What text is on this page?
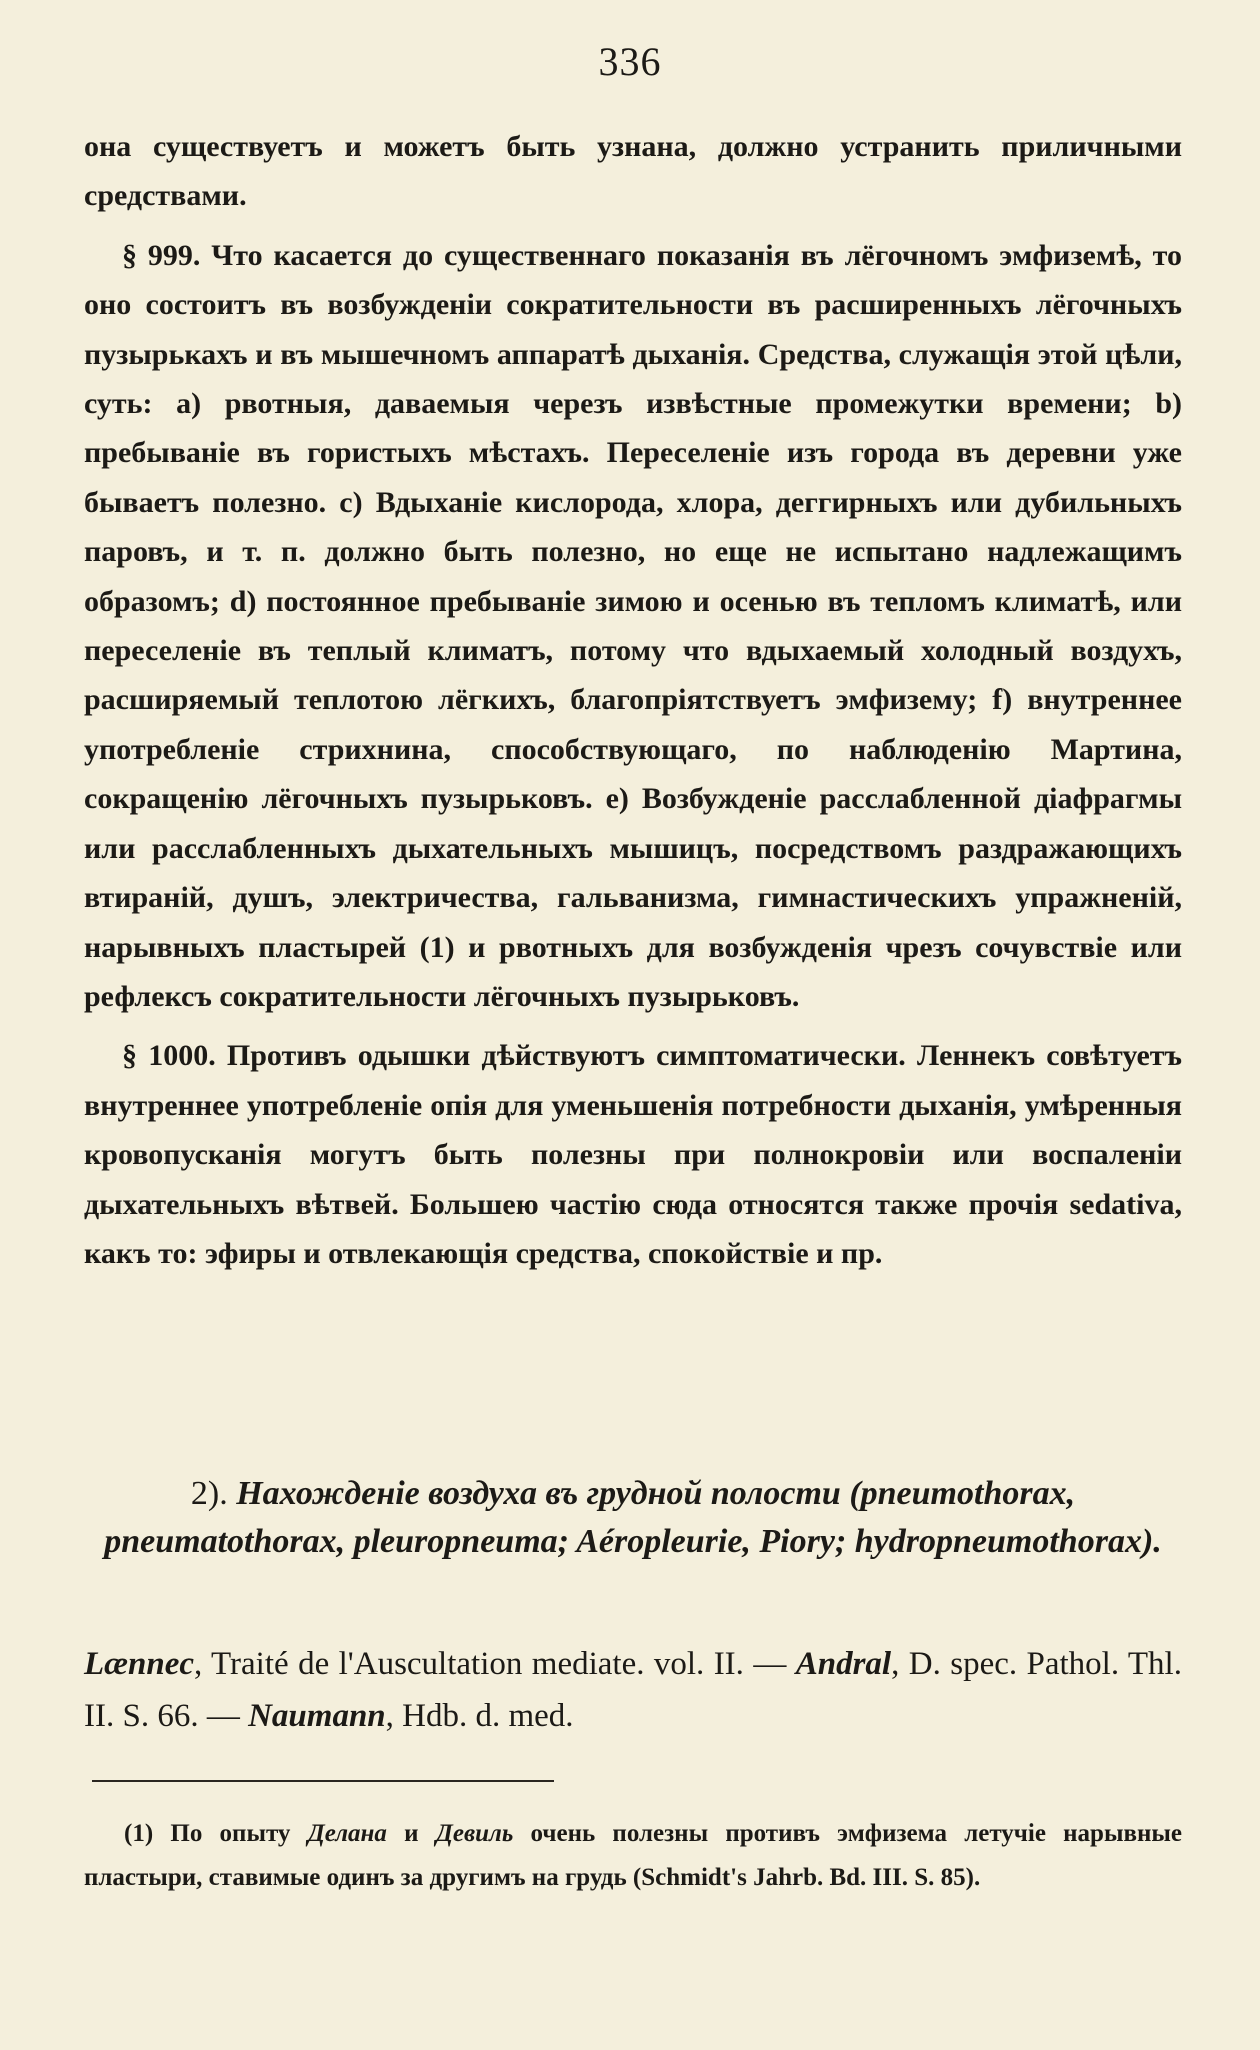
336

она существуетъ и можетъ быть узнана, должно устранить приличными средствами.

§ 999. Что касается до существеннаго показанія въ лёгочномъ эмфиземѣ, то оно состоитъ въ возбужденіи сократительности въ расширенныхъ лёгочныхъ пузырькахъ и въ мышечномъ аппаратѣ дыханія. Средства, служащія этой цѣли, суть: a) рвотныя, даваемыя черезъ извѣстные промежутки времени; b) пребываніе въ гористыхъ мѣстахъ. Переселеніе изъ города въ деревни уже бываетъ полезно. c) Вдыханіе кислорода, хлора, деггирныхъ или дубильныхъ паровъ, и т. п. должно быть полезно, но еще не испытано надлежащимъ образомъ; d) постоянное пребываніе зимою и осенью въ тепломъ климатѣ, или переселеніе въ теплый климатъ, потому что вдыхаемый холодный воздухъ, расширяемый теплотою лёгкихъ, благопріятствуетъ эмфизему; f) внутреннее употребленіе стрихнина, способствующаго, по наблюденію Мартина, сокращенію лёгочныхъ пузырьковъ. e) Возбужденіе расслабленной діафрагмы или расслабленныхъ дыхательныхъ мышицъ, посредствомъ раздражающихъ втираній, душъ, электричества, гальванизма, гимнастическихъ упражненій, нарывныхъ пластырей (1) и рвотныхъ для возбужденія чрезъ сочувствіе или рефлексъ сократительности лёгочныхъ пузырьковъ.

§ 1000. Противъ одышки дѣйствуютъ симптоматически. Леннекъ совѣтуетъ внутреннее употребленіе опія для уменьшенія потребности дыханія, умѣренныя кровопусканія могутъ быть полезны при полнокровіи или воспаленіи дыхательныхъ вѣтвей. Большею частію сюда относятся также прочія sedativa, какъ то: эфиры и отвлекающія средства, спокойствіе и пр.

2). Нахожденіе воздуха въ грудной полости (pneumothorax, pneumatothorax, pleuropneuma; Aéropleurie, Piory; hydropneumothorax).
Lænnec, Traité de l'Auscultation mediate. vol. II. — Andral, D. spec. Pathol. Thl. II. S. 66. — Naumann, Hdb. d. med.

(1) По опыту Делана и Девиль очень полезны противъ эмфизема летучіе нарывные пластыри, ставимые одинъ за другимъ на грудь (Schmidt's Jahrb. Bd. III. S. 85).
